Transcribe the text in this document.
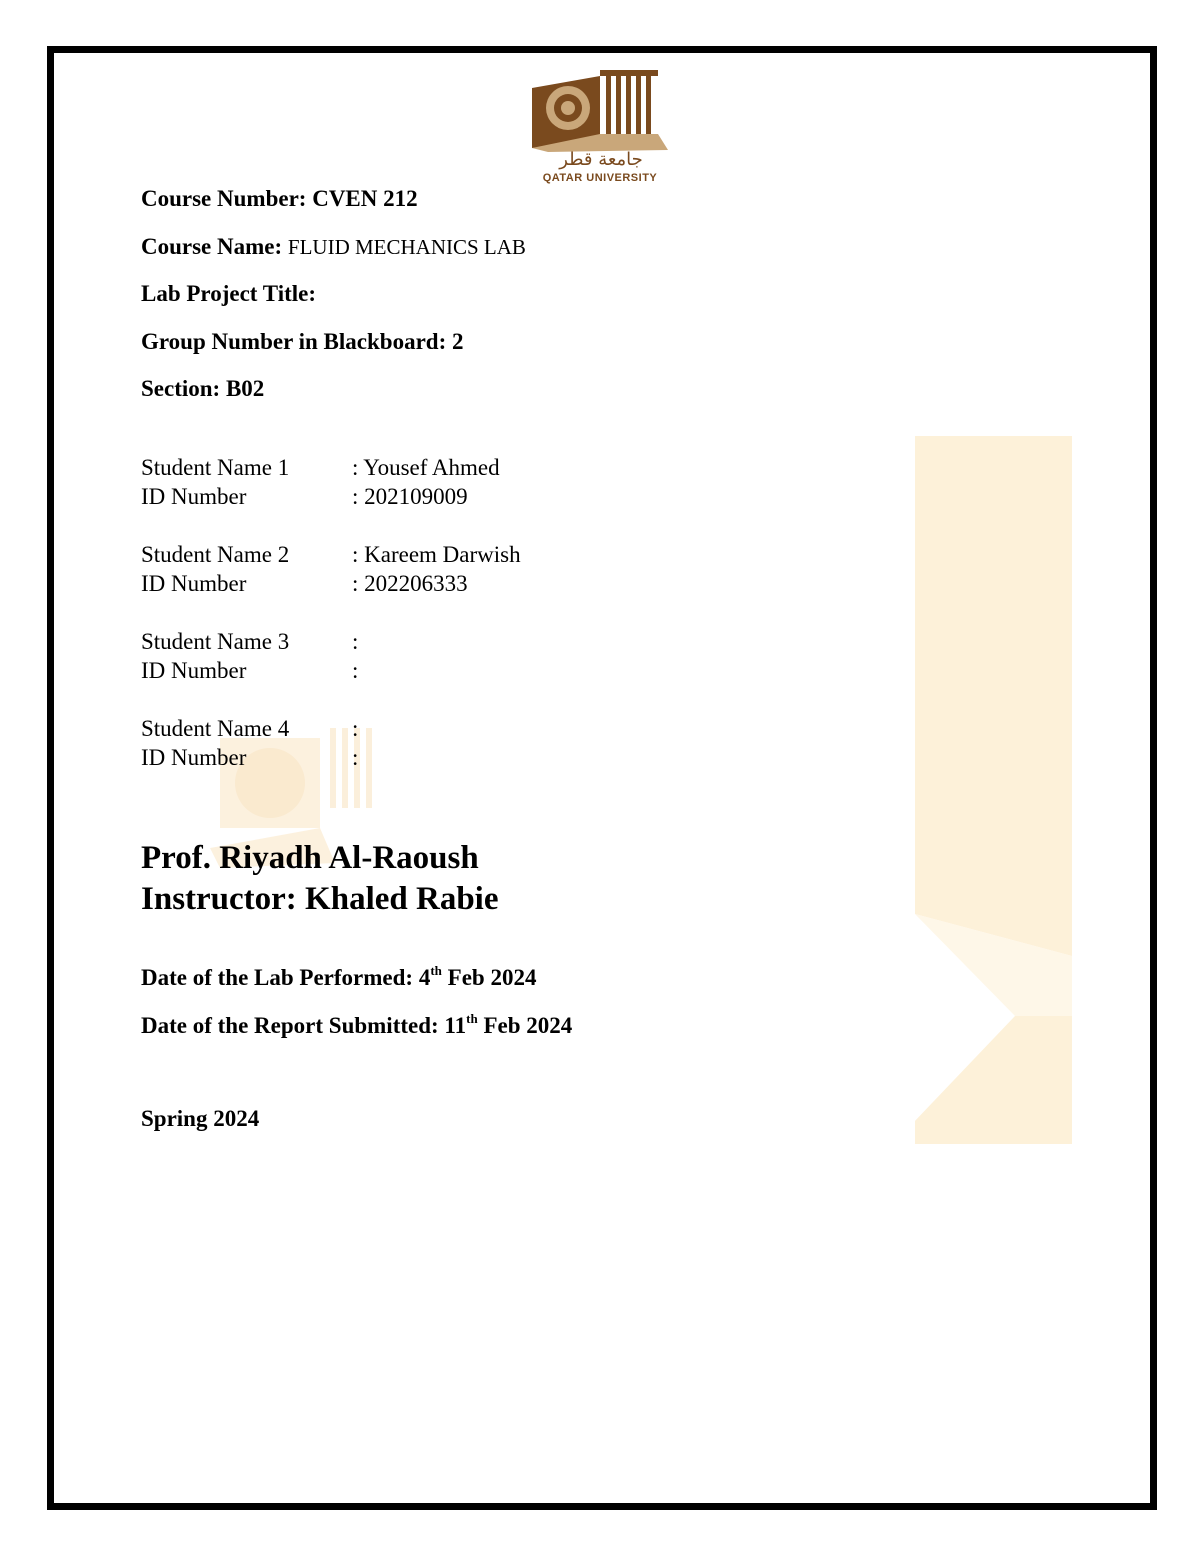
جامعة قطر
QATAR UNIVERSITY
Course Number: CVEN 212
Course Name: FLUID MECHANICS LAB
Lab Project Title:
Group Number in Blackboard: 2
Section: B02
Student Name 1	: Yousef Ahmed
ID Number	: 202109009
Student Name 2	: Kareem Darwish
ID Number	: 202206333
Student Name 3	:
ID Number	:
Student Name 4	:
ID Number	:
Prof. Riyadh Al-Raoush
Instructor: Khaled Rabie
Date of the Lab Performed: 4th Feb 2024
Date of the Report Submitted: 11th Feb 2024
Spring 2024
